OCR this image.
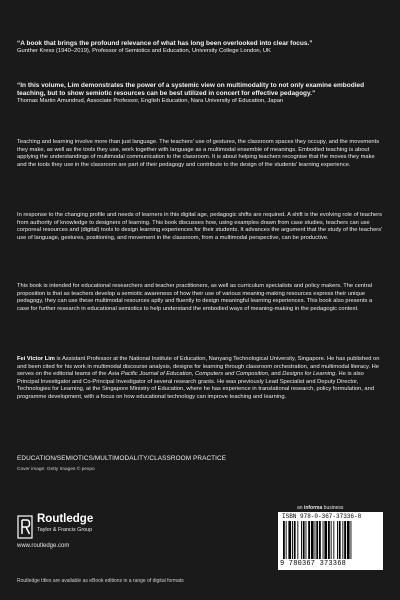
“A book that brings the profound relevance of what has long been overlooked into clear focus.”
Gunther Kress (1940–2019), Professor of Semiotics and Education, University College London, UK
“In this volume, Lim demonstrates the power of a systemic view on multimodality to not only examine embodied teaching, but to show semiotic resources can be best utilized in concert for effective pedagogy.”
Thomas Martin Amundrud, Associate Professor, English Education, Nara University of Education, Japan
Teaching and learning involve more than just language. The teachers' use of gestures, the classroom spaces they occupy, and the movements they make, as well as the tools they use, work together with language as a multimodal ensemble of meanings. Embodied teaching is about applying the understandings of multimodal communication to the classroom. It is about helping teachers recognise that the moves they make and the tools they use in the classroom are part of their pedagogy and contribute to the design of the students' learning experience.
In response to the changing profile and needs of learners in this digital age, pedagogic shifts are required. A shift is the evolving role of teachers from authority of knowledge to designers of learning. This book discusses how, using examples drawn from case studies, teachers can use corporeal resources and (digital) tools to design learning experiences for their students. It advances the argument that the study of the teachers' use of language, gestures, positioning, and movement in the classroom, from a multimodal perspective, can be productive.
This book is intended for educational researchers and teacher practitioners, as well as curriculum specialists and policy makers. The central proposition is that as teachers develop a semiotic awareness of how their use of various meaning-making resources express their unique pedagogy, they can use these multimodal resources aptly and fluently to design meaningful learning experiences. This book also presents a case for further research in educational semiotics to help understand the embodied ways of meaning-making in the pedagogic context.
Fei Victor Lim is Assistant Professor at the National Institute of Education, Nanyang Technological University, Singapore. He has published on and been cited for his work in multimodal discourse analysis, designs for learning through classroom orchestration, and multimodal literacy. He serves on the editorial teams of the Asia Pacific Journal of Education, Computers and Composition, and Designs for Learning. He is also Principal Investigator and Co-Principal Investigator of several research grants. He was previously Lead Specialist and Deputy Director, Technologies for Learning, at the Singapore Ministry of Education, where he has experience in translational research, policy formulation, and programme development, with a focus on how educational technology can improve teaching and learning.
EDUCATION/SEMIOTICS/MULTIMODALITY/CLASSROOM PRACTICE
Cover image: Getty Images © pexpo
Routledge
Taylor & Francis Group
www.routledge.com
an informa business
ISBN 978-0-367-37336-8
9 780367 373368
Routledge titles are available as eBook editions in a range of digital formats
